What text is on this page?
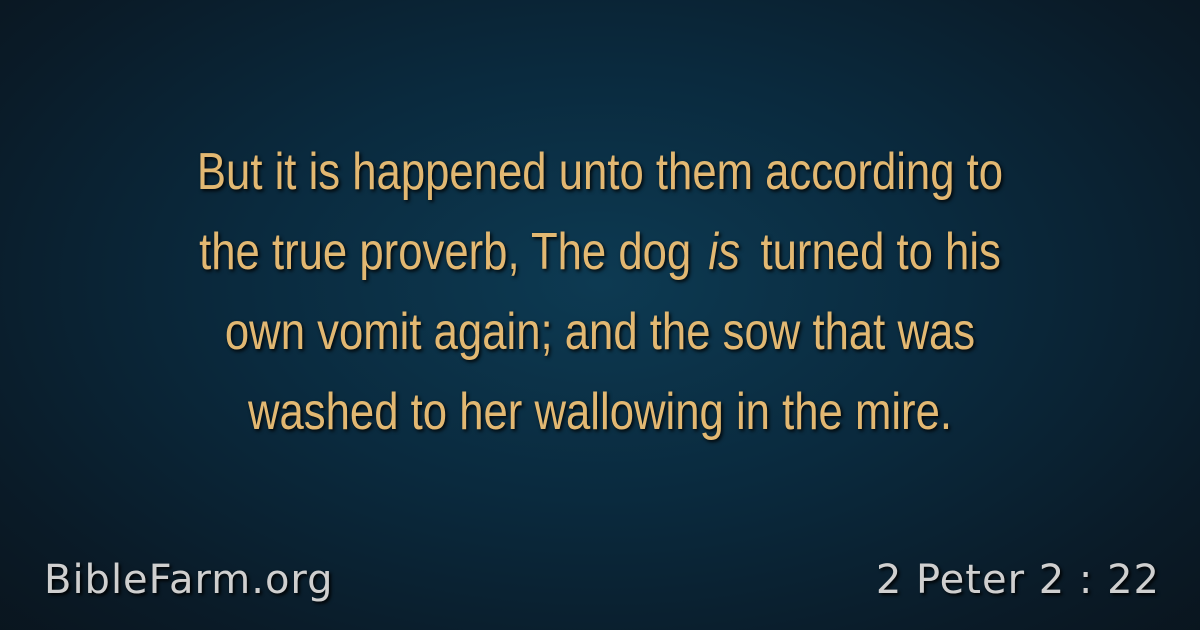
But it is happened unto them according to
the true proverb, The dog is turned to his
own vomit again; and the sow that was
washed to her wallowing in the mire.
BibleFarm.org	2 Peter 2 : 22
